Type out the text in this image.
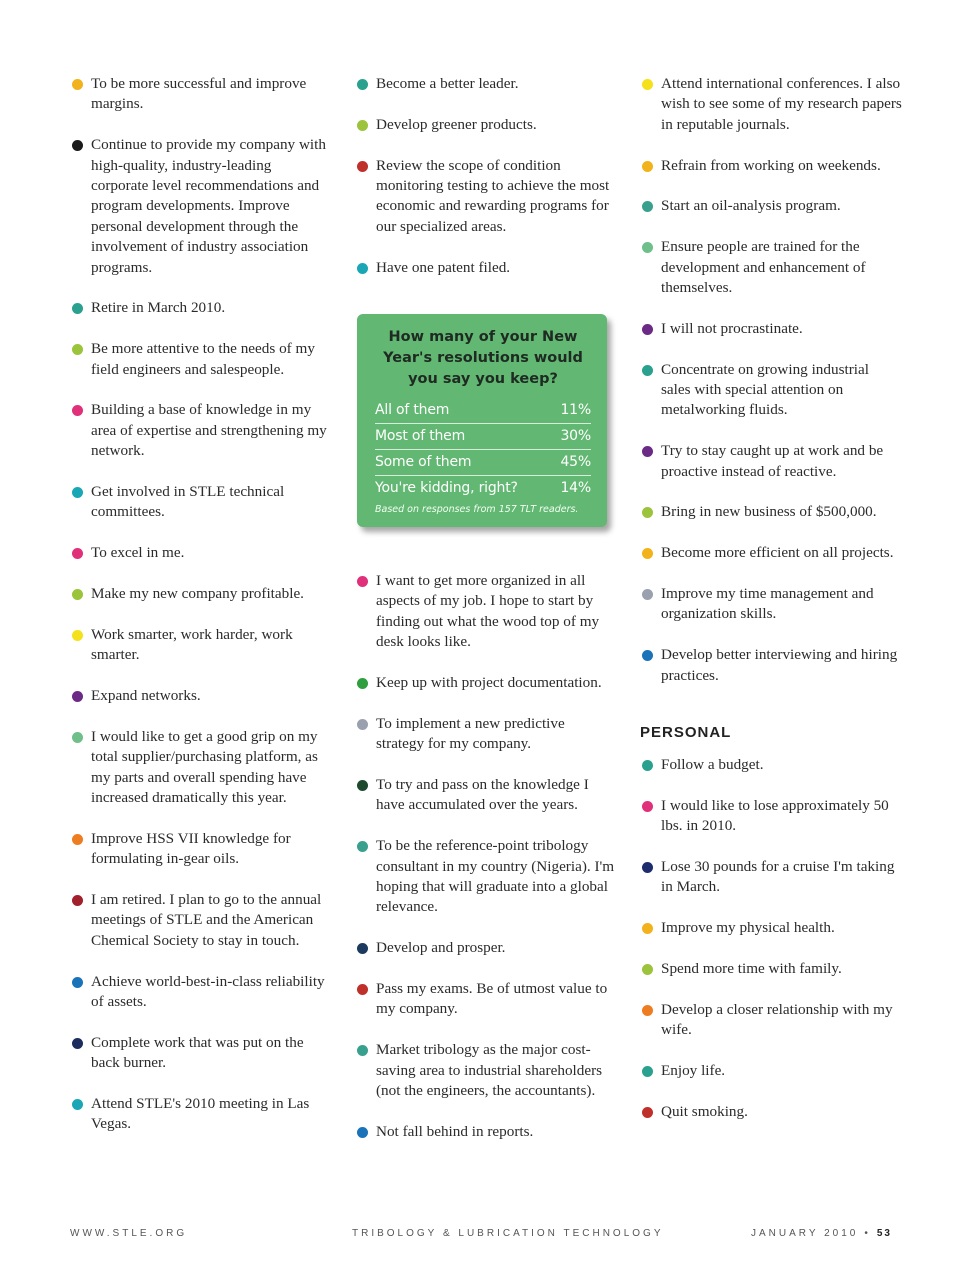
To be more successful and improve margins.
Continue to provide my company with high-quality, industry-leading corporate level recommendations and program developments. Improve personal development through the involvement of industry association programs.
Retire in March 2010.
Be more attentive to the needs of my field engineers and salespeople.
Building a base of knowledge in my area of expertise and strengthening my network.
Get involved in STLE technical committees.
To excel in me.
Make my new company profitable.
Work smarter, work harder, work smarter.
Expand networks.
I would like to get a good grip on my total supplier/purchasing platform, as my parts and overall spending have increased dramatically this year.
Improve HSS VII knowledge for formulating in-gear oils.
I am retired. I plan to go to the annual meetings of STLE and the American Chemical Society to stay in touch.
Achieve world-best-in-class reliability of assets.
Complete work that was put on the back burner.
Attend STLE's 2010 meeting in Las Vegas.
Become a better leader.
Develop greener products.
Review the scope of condition monitoring testing to achieve the most economic and rewarding programs for our specialized areas.
Have one patent filed.
How many of your New Year's resolutions would you say you keep?
All of them	11%
Most of them	30%
Some of them	45%
You're kidding, right?	14%
Based on responses from 157 TLT readers.
I want to get more organized in all aspects of my job. I hope to start by finding out what the wood top of my desk looks like.
Keep up with project documentation.
To implement a new predictive strategy for my company.
To try and pass on the knowledge I have accumulated over the years.
To be the reference-point tribology consultant in my country (Nigeria). I'm hoping that will graduate into a global relevance.
Develop and prosper.
Pass my exams. Be of utmost value to my company.
Market tribology as the major cost-saving area to industrial shareholders (not the engineers, the accountants).
Not fall behind in reports.
Attend international conferences. I also wish to see some of my research papers in reputable journals.
Refrain from working on weekends.
Start an oil-analysis program.
Ensure people are trained for the development and enhancement of themselves.
I will not procrastinate.
Concentrate on growing industrial sales with special attention on metalworking fluids.
Try to stay caught up at work and be proactive instead of reactive.
Bring in new business of $500,000.
Become more efficient on all projects.
Improve my time management and organization skills.
Develop better interviewing and hiring practices.
PERSONAL
Follow a budget.
I would like to lose approximately 50 lbs. in 2010.
Lose 30 pounds for a cruise I'm taking in March.
Improve my physical health.
Spend more time with family.
Develop a closer relationship with my wife.
Enjoy life.
Quit smoking.
WWW.STLE.ORG	TRIBOLOGY & LUBRICATION TECHNOLOGY	JANUARY 2010 • 53
